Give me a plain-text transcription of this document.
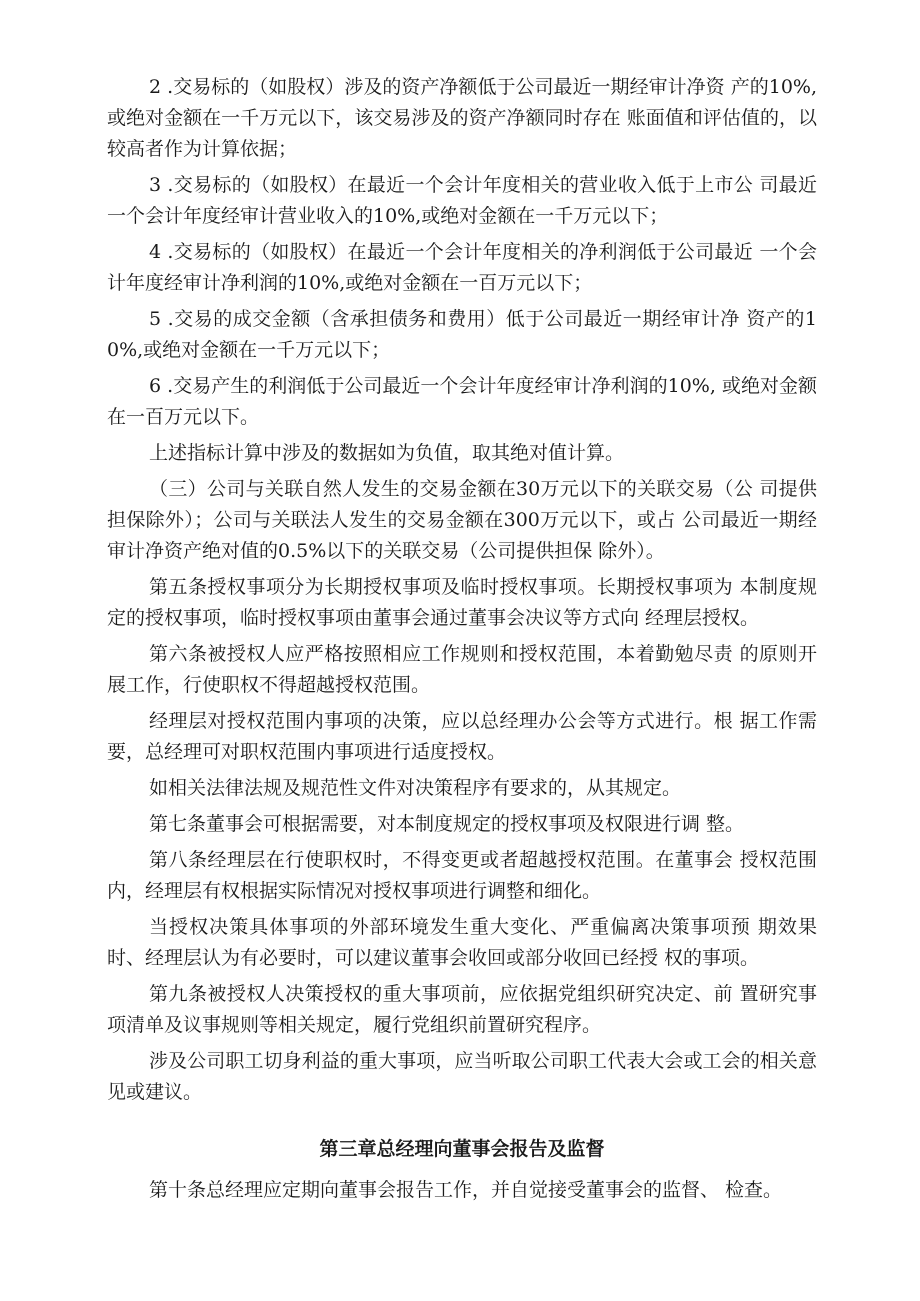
2 .交易标的（如股权）涉及的资产净额低于公司最近一期经审计净资 产的10%,或绝对金额在一千万元以下，该交易涉及的资产净额同时存在 账面值和评估值的，以较高者作为计算依据；

3 .交易标的（如股权）在最近一个会计年度相关的营业收入低于上市公 司最近一个会计年度经审计营业收入的10%,或绝对金额在一千万元以下；

4 .交易标的（如股权）在最近一个会计年度相关的净利润低于公司最近 一个会计年度经审计净利润的10%,或绝对金额在一百万元以下；

5 .交易的成交金额（含承担债务和费用）低于公司最近一期经审计净 资产的10%,或绝对金额在一千万元以下；

6 .交易产生的利润低于公司最近一个会计年度经审计净利润的10%, 或绝对金额在一百万元以下。

上述指标计算中涉及的数据如为负值，取其绝对值计算。

（三）公司与关联自然人发生的交易金额在30万元以下的关联交易（公 司提供担保除外）；公司与关联法人发生的交易金额在300万元以下，或占 公司最近一期经审计净资产绝对值的0.5%以下的关联交易（公司提供担保 除外）。

第五条授权事项分为长期授权事项及临时授权事项。长期授权事项为 本制度规定的授权事项，临时授权事项由董事会通过董事会决议等方式向 经理层授权。

第六条被授权人应严格按照相应工作规则和授权范围，本着勤勉尽责 的原则开展工作，行使职权不得超越授权范围。

经理层对授权范围内事项的决策，应以总经理办公会等方式进行。根 据工作需要，总经理可对职权范围内事项进行适度授权。

如相关法律法规及规范性文件对决策程序有要求的，从其规定。

第七条董事会可根据需要，对本制度规定的授权事项及权限进行调 整。

第八条经理层在行使职权时，不得变更或者超越授权范围。在董事会 授权范围内，经理层有权根据实际情况对授权事项进行调整和细化。

当授权决策具体事项的外部环境发生重大变化、严重偏离决策事项预 期效果时、经理层认为有必要时，可以建议董事会收回或部分收回已经授 权的事项。

第九条被授权人决策授权的重大事项前，应依据党组织研究决定、前 置研究事项清单及议事规则等相关规定，履行党组织前置研究程序。

涉及公司职工切身利益的重大事项，应当听取公司职工代表大会或工会的相关意见或建议。

第三章总经理向董事会报告及监督

第十条总经理应定期向董事会报告工作，并自觉接受董事会的监督、 检查。
